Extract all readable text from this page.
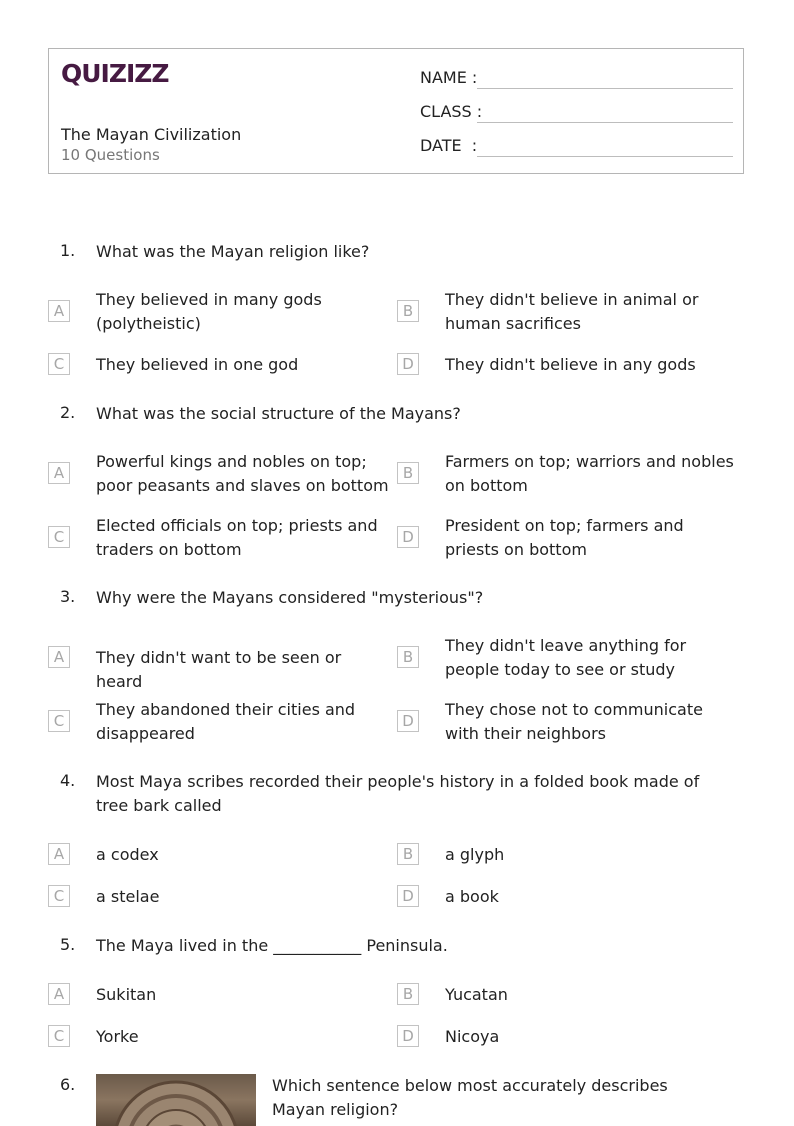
QUIZIZZ
The Mayan Civilization
10 Questions
NAME :
CLASS :
DATE  :
1. What was the Mayan religion like?
A
They believed in many gods (polytheistic)
B
They didn't believe in animal or human sacrifices
C	They believed in one god	D	They didn't believe in any gods
2. What was the social structure of the Mayans?
A
Powerful kings and nobles on top; poor peasants and slaves on bottom
B
Farmers on top; warriors and nobles on bottom
C
Elected officials on top; priests and traders on bottom
D
President on top; farmers and priests on bottom
3. Why were the Mayans considered "mysterious"?
A	They didn't want to be seen or heard
B
They didn't leave anything for people today to see or study
C
They abandoned their cities and disappeared
D
They chose not to communicate with their neighbors
4. Most Maya scribes recorded their people's history in a folded book made of tree bark called
A	a codex	B	a glyph
C	a stelae	D	a book
5. The Maya lived in the ___________ Peninsula.
A	Sukitan	B	Yucatan
C	Yorke	D	Nicoya
6.	Which sentence below most accurately describes Mayan religion?
